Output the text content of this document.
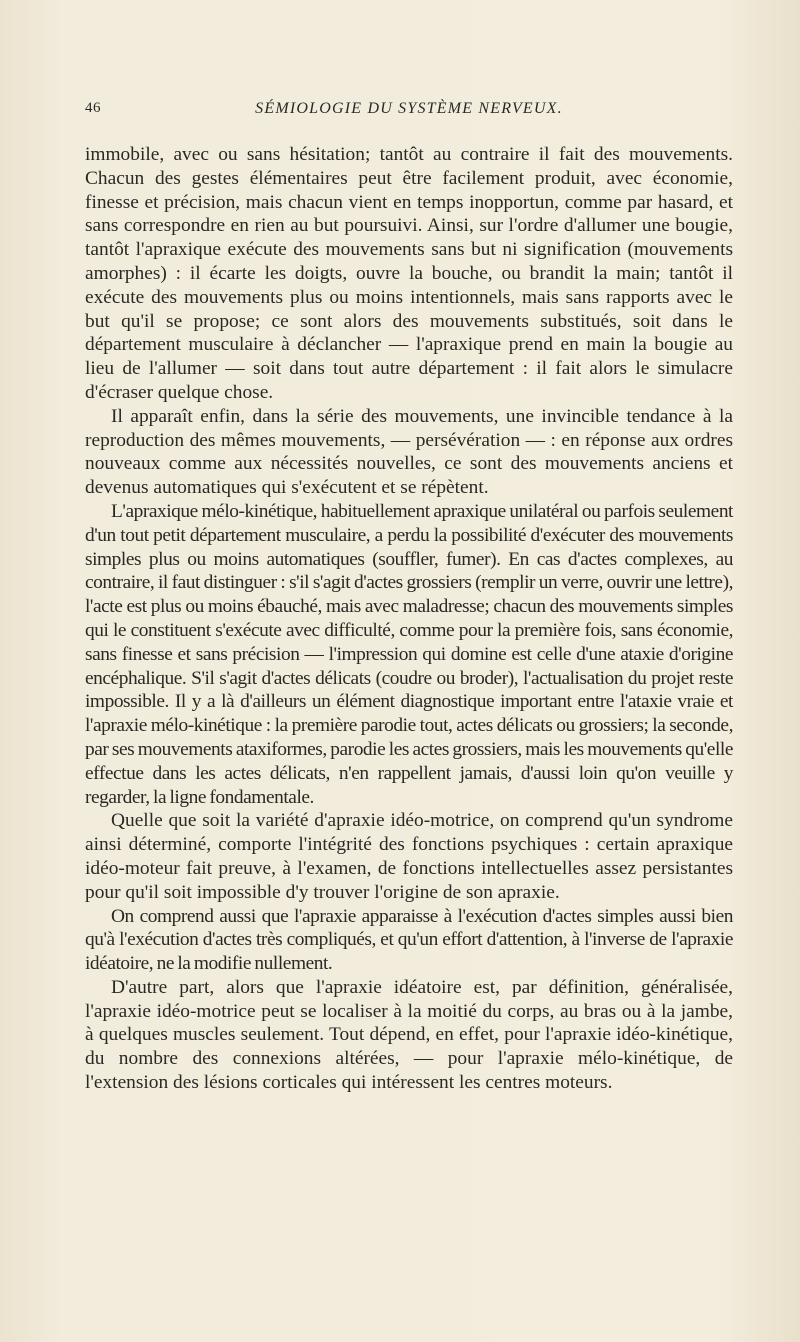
46	SÉMIOLOGIE DU SYSTÈME NERVEUX.

immobile, avec ou sans hésitation; tantôt au contraire il fait des mouvements. Chacun des gestes élémentaires peut être facilement produit, avec économie, finesse et précision, mais chacun vient en temps inopportun, comme par hasard, et sans correspondre en rien au but poursuivi. Ainsi, sur l'ordre d'allumer une bougie, tantôt l'apraxique exécute des mouvements sans but ni signification (mouvements amorphes) : il écarte les doigts, ouvre la bouche, ou brandit la main; tantôt il exécute des mouvements plus ou moins intentionnels, mais sans rapports avec le but qu'il se propose; ce sont alors des mouvements substitués, soit dans le département musculaire à déclancher — l'apraxique prend en main la bougie au lieu de l'allumer — soit dans tout autre département : il fait alors le simulacre d'écraser quelque chose.

Il apparaît enfin, dans la série des mouvements, une invincible tendance à la reproduction des mêmes mouvements, — persévération — : en réponse aux ordres nouveaux comme aux nécessités nouvelles, ce sont des mouvements anciens et devenus automatiques qui s'exécutent et se répètent.

L'apraxique mélo-kinétique, habituellement apraxique unilatéral ou parfois seulement d'un tout petit département musculaire, a perdu la possibilité d'exécuter des mouvements simples plus ou moins automatiques (souffler, fumer). En cas d'actes complexes, au contraire, il faut distinguer : s'il s'agit d'actes grossiers (remplir un verre, ouvrir une lettre), l'acte est plus ou moins ébauché, mais avec maladresse; chacun des mouvements simples qui le constituent s'exécute avec difficulté, comme pour la première fois, sans économie, sans finesse et sans précision — l'impression qui domine est celle d'une ataxie d'origine encéphalique. S'il s'agit d'actes délicats (coudre ou broder), l'actualisation du projet reste impossible. Il y a là d'ailleurs un élément diagnostique important entre l'ataxie vraie et l'apraxie mélo-kinétique : la première parodie tout, actes délicats ou grossiers; la seconde, par ses mouvements ataxiformes, parodie les actes grossiers, mais les mouvements qu'elle effectue dans les actes délicats, n'en rappellent jamais, d'aussi loin qu'on veuille y regarder, la ligne fondamentale.

Quelle que soit la variété d'apraxie idéo-motrice, on comprend qu'un syndrome ainsi déterminé, comporte l'intégrité des fonctions psychiques : certain apraxique idéo-moteur fait preuve, à l'examen, de fonctions intellectuelles assez persistantes pour qu'il soit impossible d'y trouver l'origine de son apraxie.

On comprend aussi que l'apraxie apparaisse à l'exécution d'actes simples aussi bien qu'à l'exécution d'actes très compliqués, et qu'un effort d'attention, à l'inverse de l'apraxie idéatoire, ne la modifie nullement.

D'autre part, alors que l'apraxie idéatoire est, par définition, généralisée, l'apraxie idéo-motrice peut se localiser à la moitié du corps, au bras ou à la jambe, à quelques muscles seulement. Tout dépend, en effet, pour l'apraxie idéo-kinétique, du nombre des connexions altérées, — pour l'apraxie mélo-kinétique, de l'extension des lésions corticales qui intéressent les centres moteurs.
